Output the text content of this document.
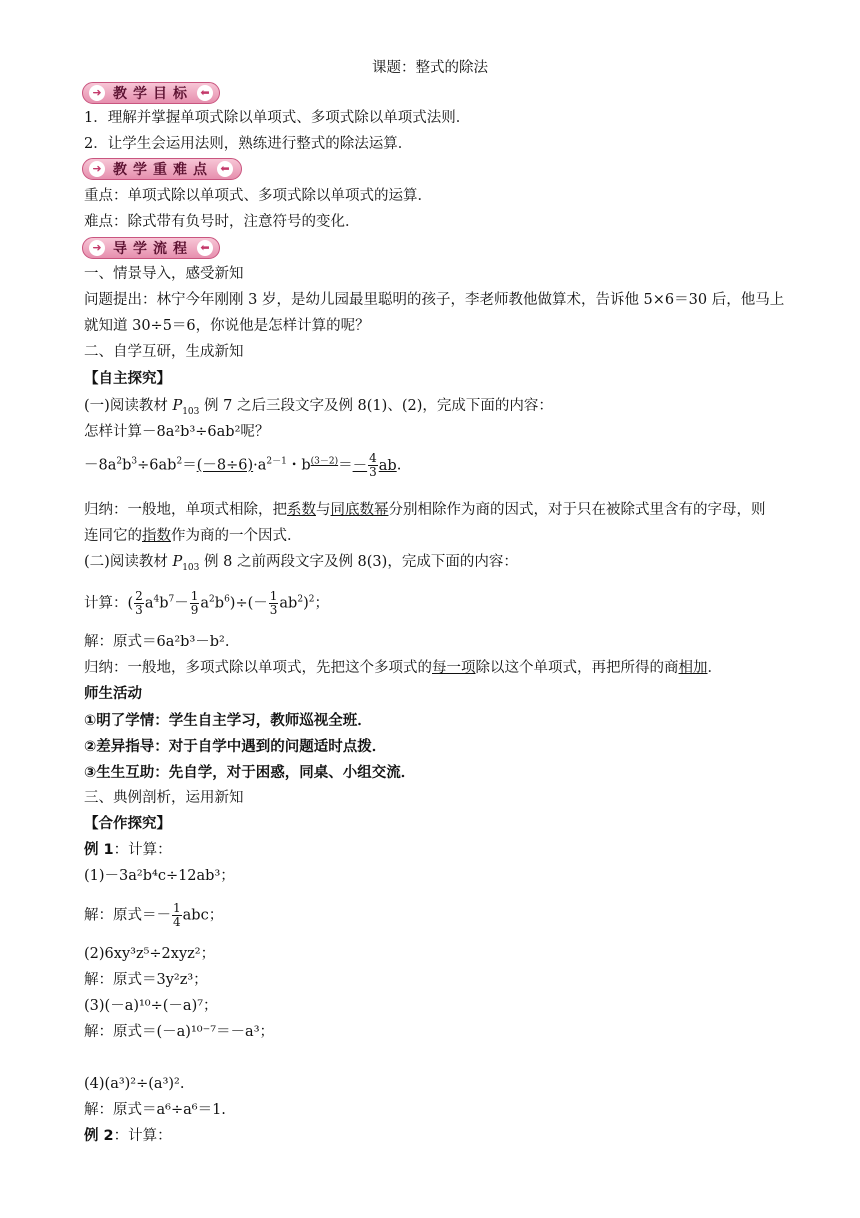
课题：整式的除法
➜ 教学目标 ⬅
1．理解并掌握单项式除以单项式、多项式除以单项式法则．
2．让学生会运用法则，熟练进行整式的除法运算．
➜ 教学重难点 ⬅
重点：单项式除以单项式、多项式除以单项式的运算．
难点：除式带有负号时，注意符号的变化．
➜ 导学流程 ⬅
一、情景导入，感受新知
问题提出：林宁今年刚刚 3 岁，是幼儿园最里聪明的孩子，李老师教他做算术，告诉他 5×6＝30 后，他马上
就知道 30÷5＝6，你说他是怎样计算的呢？
二、自学互研，生成新知
【自主探究】
(一)阅读教材 $P_{103}$ 例 7 之后三段文字及例 8(1)、(2)，完成下面的内容：
怎样计算－8a²b³÷6ab²呢？
$-8a^2b^3\div 6ab^2=(-8\div 6)\cdot a^{2-1}$・$b^{(3-2)}=- \frac{4}{3}$ ab.
归纳：一般地，单项式相除，把系数与同底数幂分别相除作为商的因式，对于只在被除式里含有的字母，则
连同它的指数作为商的一个因式．
(二)阅读教材 $P_{103}$ 例 8 之前两段文字及例 8(3)，完成下面的内容：
计算：( $\frac{2}{3} a^4b^7- \frac{1}{9} a^2b^6)\div(- \frac{1}{3} ab^2)^2$；
解：原式＝6a²b³－b².
归纳：一般地，多项式除以单项式，先把这个多项式的每一项除以这个单项式，再把所得的商相加．
师生活动
①明了学情：学生自主学习，教师巡视全班．
②差异指导：对于自学中遇到的问题适时点拨．
③生生互助：先自学，对于困惑，同桌、小组交流．
三、典例剖析，运用新知
【合作探究】
例 1：计算：
(1)－3a²b⁴c÷12ab³；
解：原式＝－ $\frac{1}{4}$ abc；
(2)6xy³z⁵÷2xyz²；
解：原式＝3y²z³；
(3)(－a)¹⁰÷(－a)⁷；
解：原式＝(－a)¹⁰⁻⁷＝－a³；
(4)(a³)²÷(a³)².
解：原式＝a⁶÷a⁶＝1.
例 2：计算：
